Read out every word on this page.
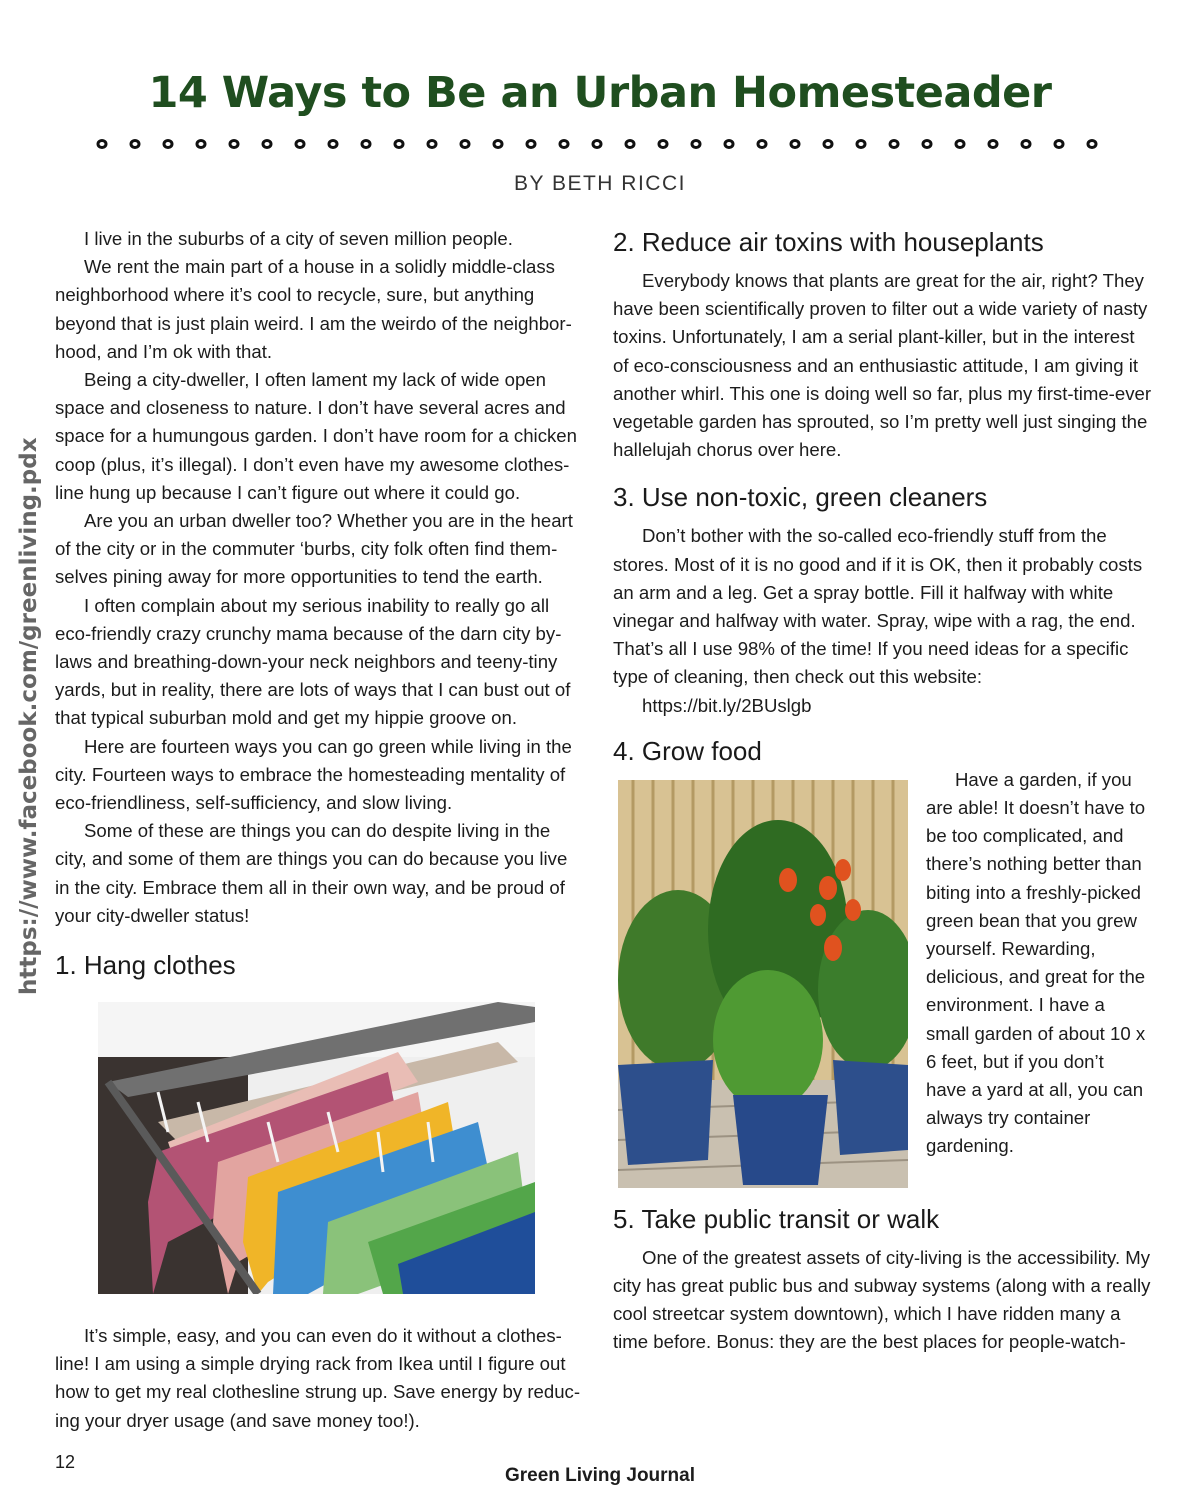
14 Ways to Be an Urban Homesteader
BY BETH RICCI
https://www.facebook.com/greenliving.pdx

I live in the suburbs of a city of seven million people.

We rent the main part of a house in a solidly middle-class neighborhood where it’s cool to recycle, sure, but anything beyond that is just plain weird. I am the weirdo of the neighborhood, and I’m ok with that.

Being a city-dweller, I often lament my lack of wide open space and closeness to nature. I don’t have several acres and space for a humungous garden. I don’t have room for a chicken coop (plus, it’s illegal). I don’t even have my awesome clothesline hung up because I can’t figure out where it could go.

Are you an urban dweller too? Whether you are in the heart of the city or in the commuter ‘burbs, city folk often find themselves pining away for more opportunities to tend the earth.

I often complain about my serious inability to really go all eco-friendly crazy crunchy mama because of the darn city bylaws and breathing-down-your neck neighbors and teeny-tiny yards, but in reality, there are lots of ways that I can bust out of that typical suburban mold and get my hippie groove on.

Here are fourteen ways you can go green while living in the city. Fourteen ways to embrace the homesteading mentality of eco-friendliness, self-sufficiency, and slow living.

Some of these are things you can do despite living in the city, and some of them are things you can do because you live in the city. Embrace them all in their own way, and be proud of your city-dweller status!

1. Hang clothes

It’s simple, easy, and you can even do it without a clothesline! I am using a simple drying rack from Ikea until I figure out how to get my real clothesline strung up. Save energy by reducing your dryer usage (and save money too!).

2. Reduce air toxins with houseplants

Everybody knows that plants are great for the air, right? They have been scientifically proven to filter out a wide variety of nasty toxins. Unfortunately, I am a serial plant-killer, but in the interest of eco-consciousness and an enthusiastic attitude, I am giving it another whirl. This one is doing well so far, plus my first-time-ever vegetable garden has sprouted, so I’m pretty well just singing the hallelujah chorus over here.

3. Use non-toxic, green cleaners

Don’t bother with the so-called eco-friendly stuff from the stores. Most of it is no good and if it is OK, then it probably costs an arm and a leg. Get a spray bottle. Fill it halfway with white vinegar and halfway with water. Spray, wipe with a rag, the end. That’s all I use 98% of the time! If you need ideas for a specific type of cleaning, then check out this website:

https://bit.ly/2BUslgb

4. Grow food

Have a garden, if you are able! It doesn’t have to be too complicated, and there’s nothing better than biting into a freshly-picked green bean that you grew yourself. Rewarding, delicious, and great for the environment. I have a small garden of about 10 x 6 feet, but if you don’t have a yard at all, you can always try container gardening.

5. Take public transit or walk

One of the greatest assets of city-living is the accessibility. My city has great public bus and subway systems (along with a really cool streetcar system downtown), which I have ridden many a time before. Bonus: they are the best places for people-watch-

12
Green Living Journal
